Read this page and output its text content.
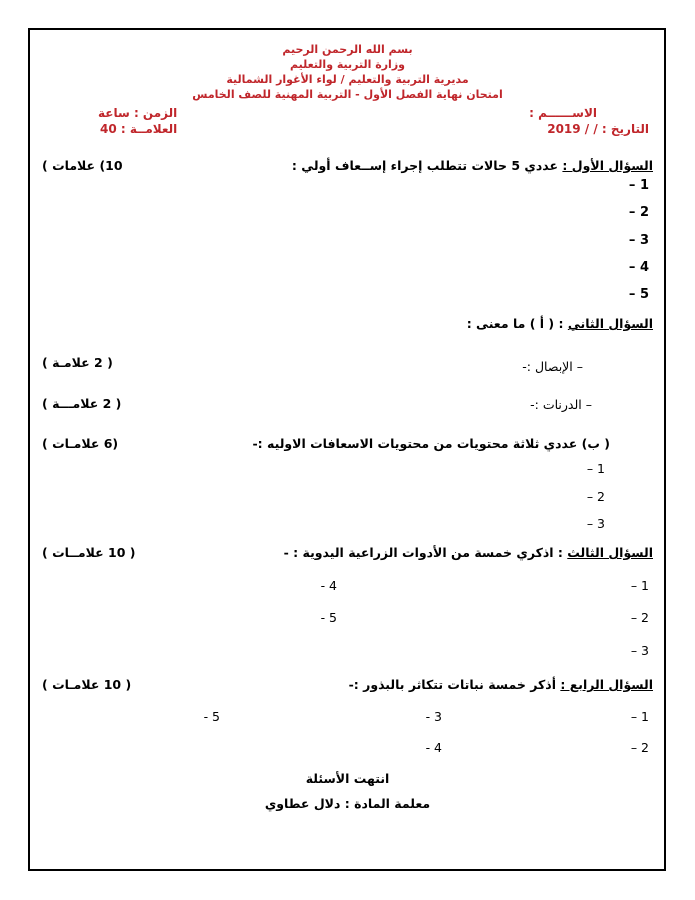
بسم الله الرحمن الرحيم
وزارة التربية والتعليم
مديرية التربية والتعليم / لواء الأغوار الشمالية
امتحان نهاية الفصل الأول - التربية المهنية للصف الخامس
الاســــــم :
التاريخ : / / 2019
الزمن : ساعة
العلامــة : 40
السؤال الأول : عددي 5 حالات تتطلب إجراء إســعاف أولي :
10) علامات )
1 –
2 –
3 –
4 –
5 –
السؤال الثاني : ( أ ) ما معنى :
– الإبصال :-
( 2 علامـة )
– الدرنات :-
( 2 علامـــة )
( ب) عددي ثلاثة محتويات من محتويات الاسعافات الاوليه :-
(6 علامـات )
1 –
2 –
3 –
السؤال الثالث : اذكري خمسة من الأدوات الزراعية اليدوية : -
( 10 علامــات )
1 –
2 –
3 –
4 -
5 -
السؤال الرابع : أذكر خمسة نباتات تتكاثر بالبذور :-
( 10 علامـات )
1 –
2 –
3 -
4 -
5 -
انتهت الأسئلة
معلمة المادة : دلال عطاوي
